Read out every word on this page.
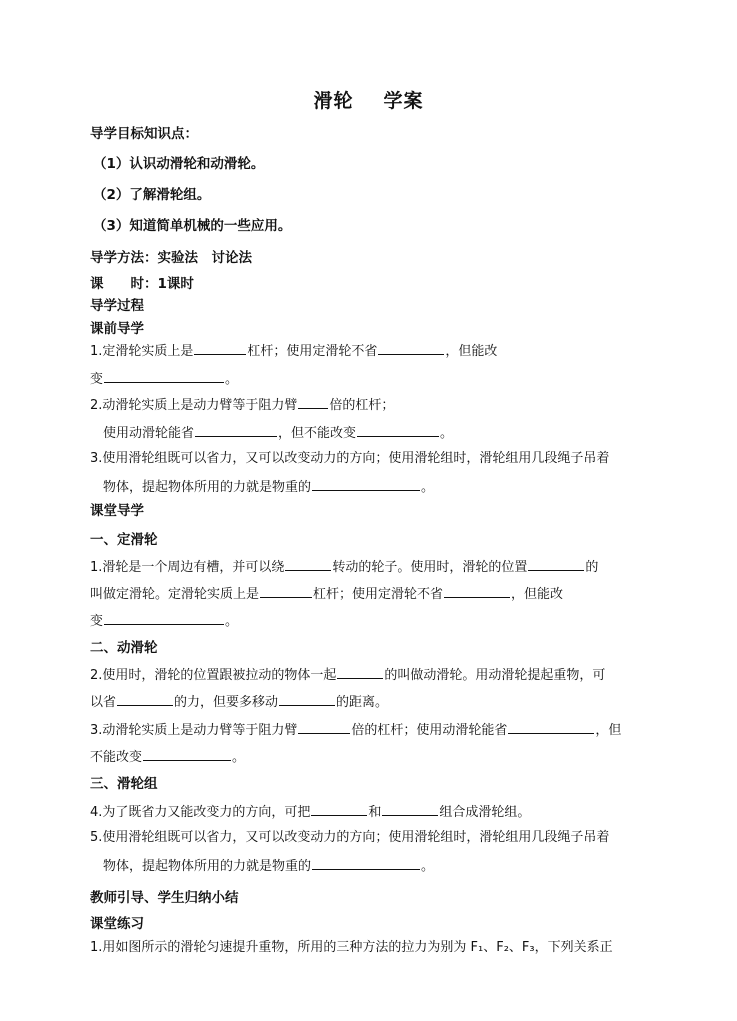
滑轮 学案
导学目标知识点：
（1）认识动滑轮和动滑轮。
（2）了解滑轮组。
（3）知道简单机械的一些应用。
导学方法：实验法　讨论法
课　　时：1课时
导学过程
课前导学
1.定滑轮实质上是	杠杆；使用定滑轮不省	，但能改
变	。
2.动滑轮实质上是动力臂等于阻力臂 倍的杠杆；
使用动滑轮能省	，但不能改变	。
3.使用滑轮组既可以省力，又可以改变动力的方向；使用滑轮组时，滑轮组用几段绳子吊着
物体，提起物体所用的力就是物重的	。
课堂导学
一、定滑轮
1.滑轮是一个周边有槽，并可以绕	转动的轮子。使用时，滑轮的位置	的
叫做定滑轮。定滑轮实质上是	杠杆；使用定滑轮不省	，但能改
变	。
二、动滑轮
2.使用时，滑轮的位置跟被拉动的物体一起	的叫做动滑轮。用动滑轮提起重物，可
以省	的力，但要多移动	的距离。
3.动滑轮实质上是动力臂等于阻力臂	倍的杠杆；使用动滑轮能省	，但
不能改变	。
三、滑轮组
4.为了既省力又能改变力的方向，可把	和	组合成滑轮组。
5.使用滑轮组既可以省力，又可以改变动力的方向；使用滑轮组时，滑轮组用几段绳子吊着
物体，提起物体所用的力就是物重的	。
教师引导、学生归纳小结
课堂练习
1.用如图所示的滑轮匀速提升重物，所用的三种方法的拉力为别为 F₁、F₂、F₃，下列关系正
